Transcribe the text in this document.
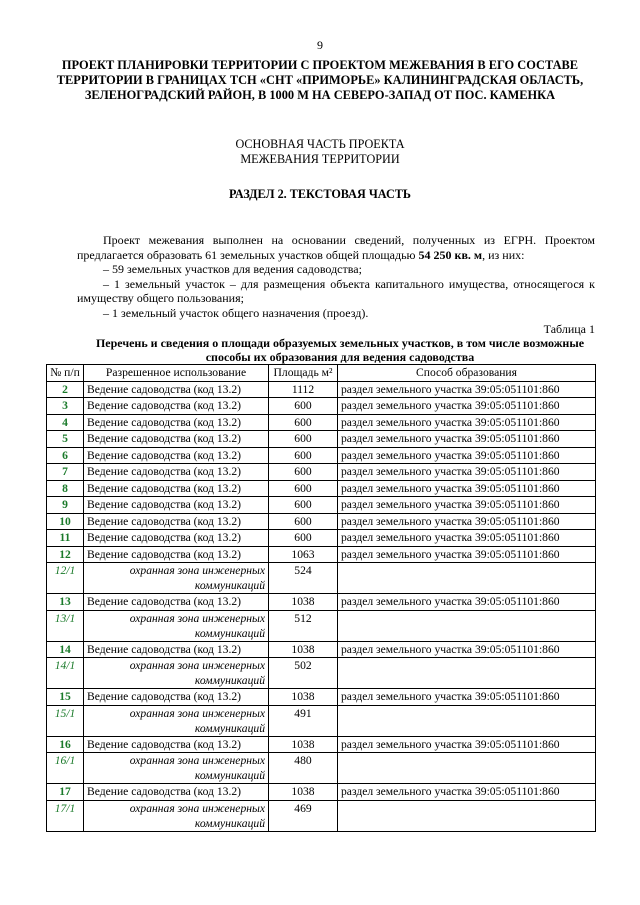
9
ПРОЕКТ ПЛАНИРОВКИ ТЕРРИТОРИИ С ПРОЕКТОМ МЕЖЕВАНИЯ В ЕГО СОСТАВЕ ТЕРРИТОРИИ В ГРАНИЦАХ ТСН «СНТ «ПРИМОРЬЕ» КАЛИНИНГРАДСКАЯ ОБЛАСТЬ, ЗЕЛЕНОГРАДСКИЙ РАЙОН, В 1000 М НА СЕВЕРО-ЗАПАД ОТ ПОС. КАМЕНКА
ОСНОВНАЯ ЧАСТЬ ПРОЕКТА
МЕЖЕВАНИЯ ТЕРРИТОРИИ
РАЗДЕЛ 2. ТЕКСТОВАЯ ЧАСТЬ

Проект межевания выполнен на основании сведений, полученных из ЕГРН. Проектом предлагается образовать 61 земельных участков общей площадью 54 250 кв. м, из них:

– 59 земельных участков для ведения садоводства;

– 1 земельный участок – для размещения объекта капитального имущества, относящегося к имуществу общего пользования;

– 1 земельный участок общего назначения (проезд).

Таблица 1
Перечень и сведения о площади образуемых земельных участков, в том числе возможные способы их образования для ведения садоводства
№ п/п	Разрешенное использование	Площадь м²	Способ образования
2	Ведение садоводства (код 13.2)	1112	раздел земельного участка 39:05:051101:860
3	Ведение садоводства (код 13.2)	600	раздел земельного участка 39:05:051101:860
4	Ведение садоводства (код 13.2)	600	раздел земельного участка 39:05:051101:860
5	Ведение садоводства (код 13.2)	600	раздел земельного участка 39:05:051101:860
6	Ведение садоводства (код 13.2)	600	раздел земельного участка 39:05:051101:860
7	Ведение садоводства (код 13.2)	600	раздел земельного участка 39:05:051101:860
8	Ведение садоводства (код 13.2)	600	раздел земельного участка 39:05:051101:860
9	Ведение садоводства (код 13.2)	600	раздел земельного участка 39:05:051101:860
10	Ведение садоводства (код 13.2)	600	раздел земельного участка 39:05:051101:860
11	Ведение садоводства (код 13.2)	600	раздел земельного участка 39:05:051101:860
12	Ведение садоводства (код 13.2)	1063	раздел земельного участка 39:05:051101:860
12/1	охранная зона инженерных коммуникаций	524	
13	Ведение садоводства (код 13.2)	1038	раздел земельного участка 39:05:051101:860
13/1	охранная зона инженерных коммуникаций	512	
14	Ведение садоводства (код 13.2)	1038	раздел земельного участка 39:05:051101:860
14/1	охранная зона инженерных коммуникаций	502	
15	Ведение садоводства (код 13.2)	1038	раздел земельного участка 39:05:051101:860
15/1	охранная зона инженерных коммуникаций	491	
16	Ведение садоводства (код 13.2)	1038	раздел земельного участка 39:05:051101:860
16/1	охранная зона инженерных коммуникаций	480	
17	Ведение садоводства (код 13.2)	1038	раздел земельного участка 39:05:051101:860
17/1	охранная зона инженерных коммуникаций	469	
